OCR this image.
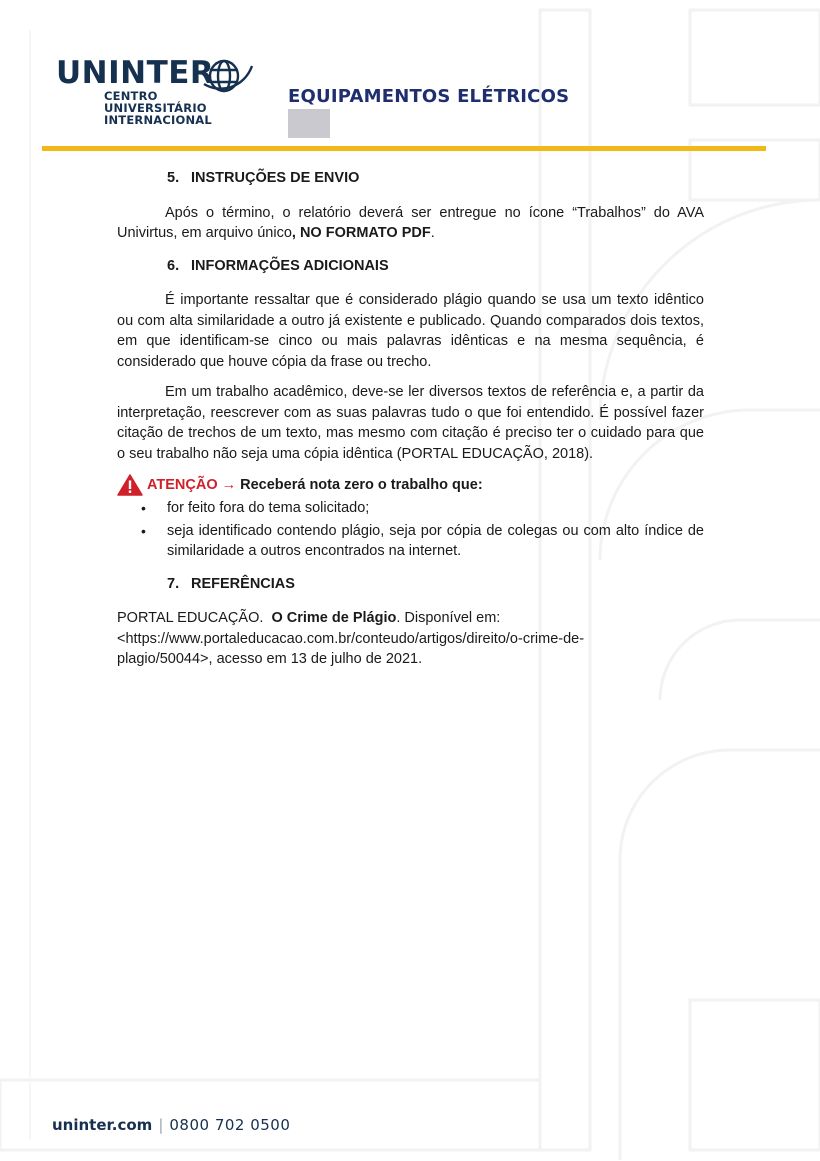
UNINTER
CENTRO
UNIVERSITÁRIO
INTERNACIONAL
EQUIPAMENTOS ELÉTRICOS
5. INSTRUÇÕES DE ENVIO

Após o término, o relatório deverá ser entregue no ícone “Trabalhos” do AVA Univirtus, em arquivo único, NO FORMATO PDF.

6. INFORMAÇÕES ADICIONAIS

É importante ressaltar que é considerado plágio quando se usa um texto idêntico ou com alta similaridade a outro já existente e publicado. Quando comparados dois textos, em que identificam-se cinco ou mais palavras idênticas e na mesma sequência, é considerado que houve cópia da frase ou trecho.

Em um trabalho acadêmico, deve-se ler diversos textos de referência e, a partir da interpretação, reescrever com as suas palavras tudo o que foi entendido. É possível fazer citação de trechos de um texto, mas mesmo com citação é preciso ter o cuidado para que o seu trabalho não seja uma cópia idêntica (PORTAL EDUCAÇÃO, 2018).

ATENÇÃO → Receberá nota zero o trabalho que:
• for feito fora do tema solicitado;
• seja identificado contendo plágio, seja por cópia de colegas ou com alto índice de similaridade a outros encontrados na internet.
7. REFERÊNCIAS
PORTAL EDUCAÇÃO. O Crime de Plágio. Disponível em:
<https://www.portaleducacao.com.br/conteudo/artigos/direito/o-crime-de-
plagio/50044>, acesso em 13 de julho de 2021.
uninter.com | 0800 702 0500
